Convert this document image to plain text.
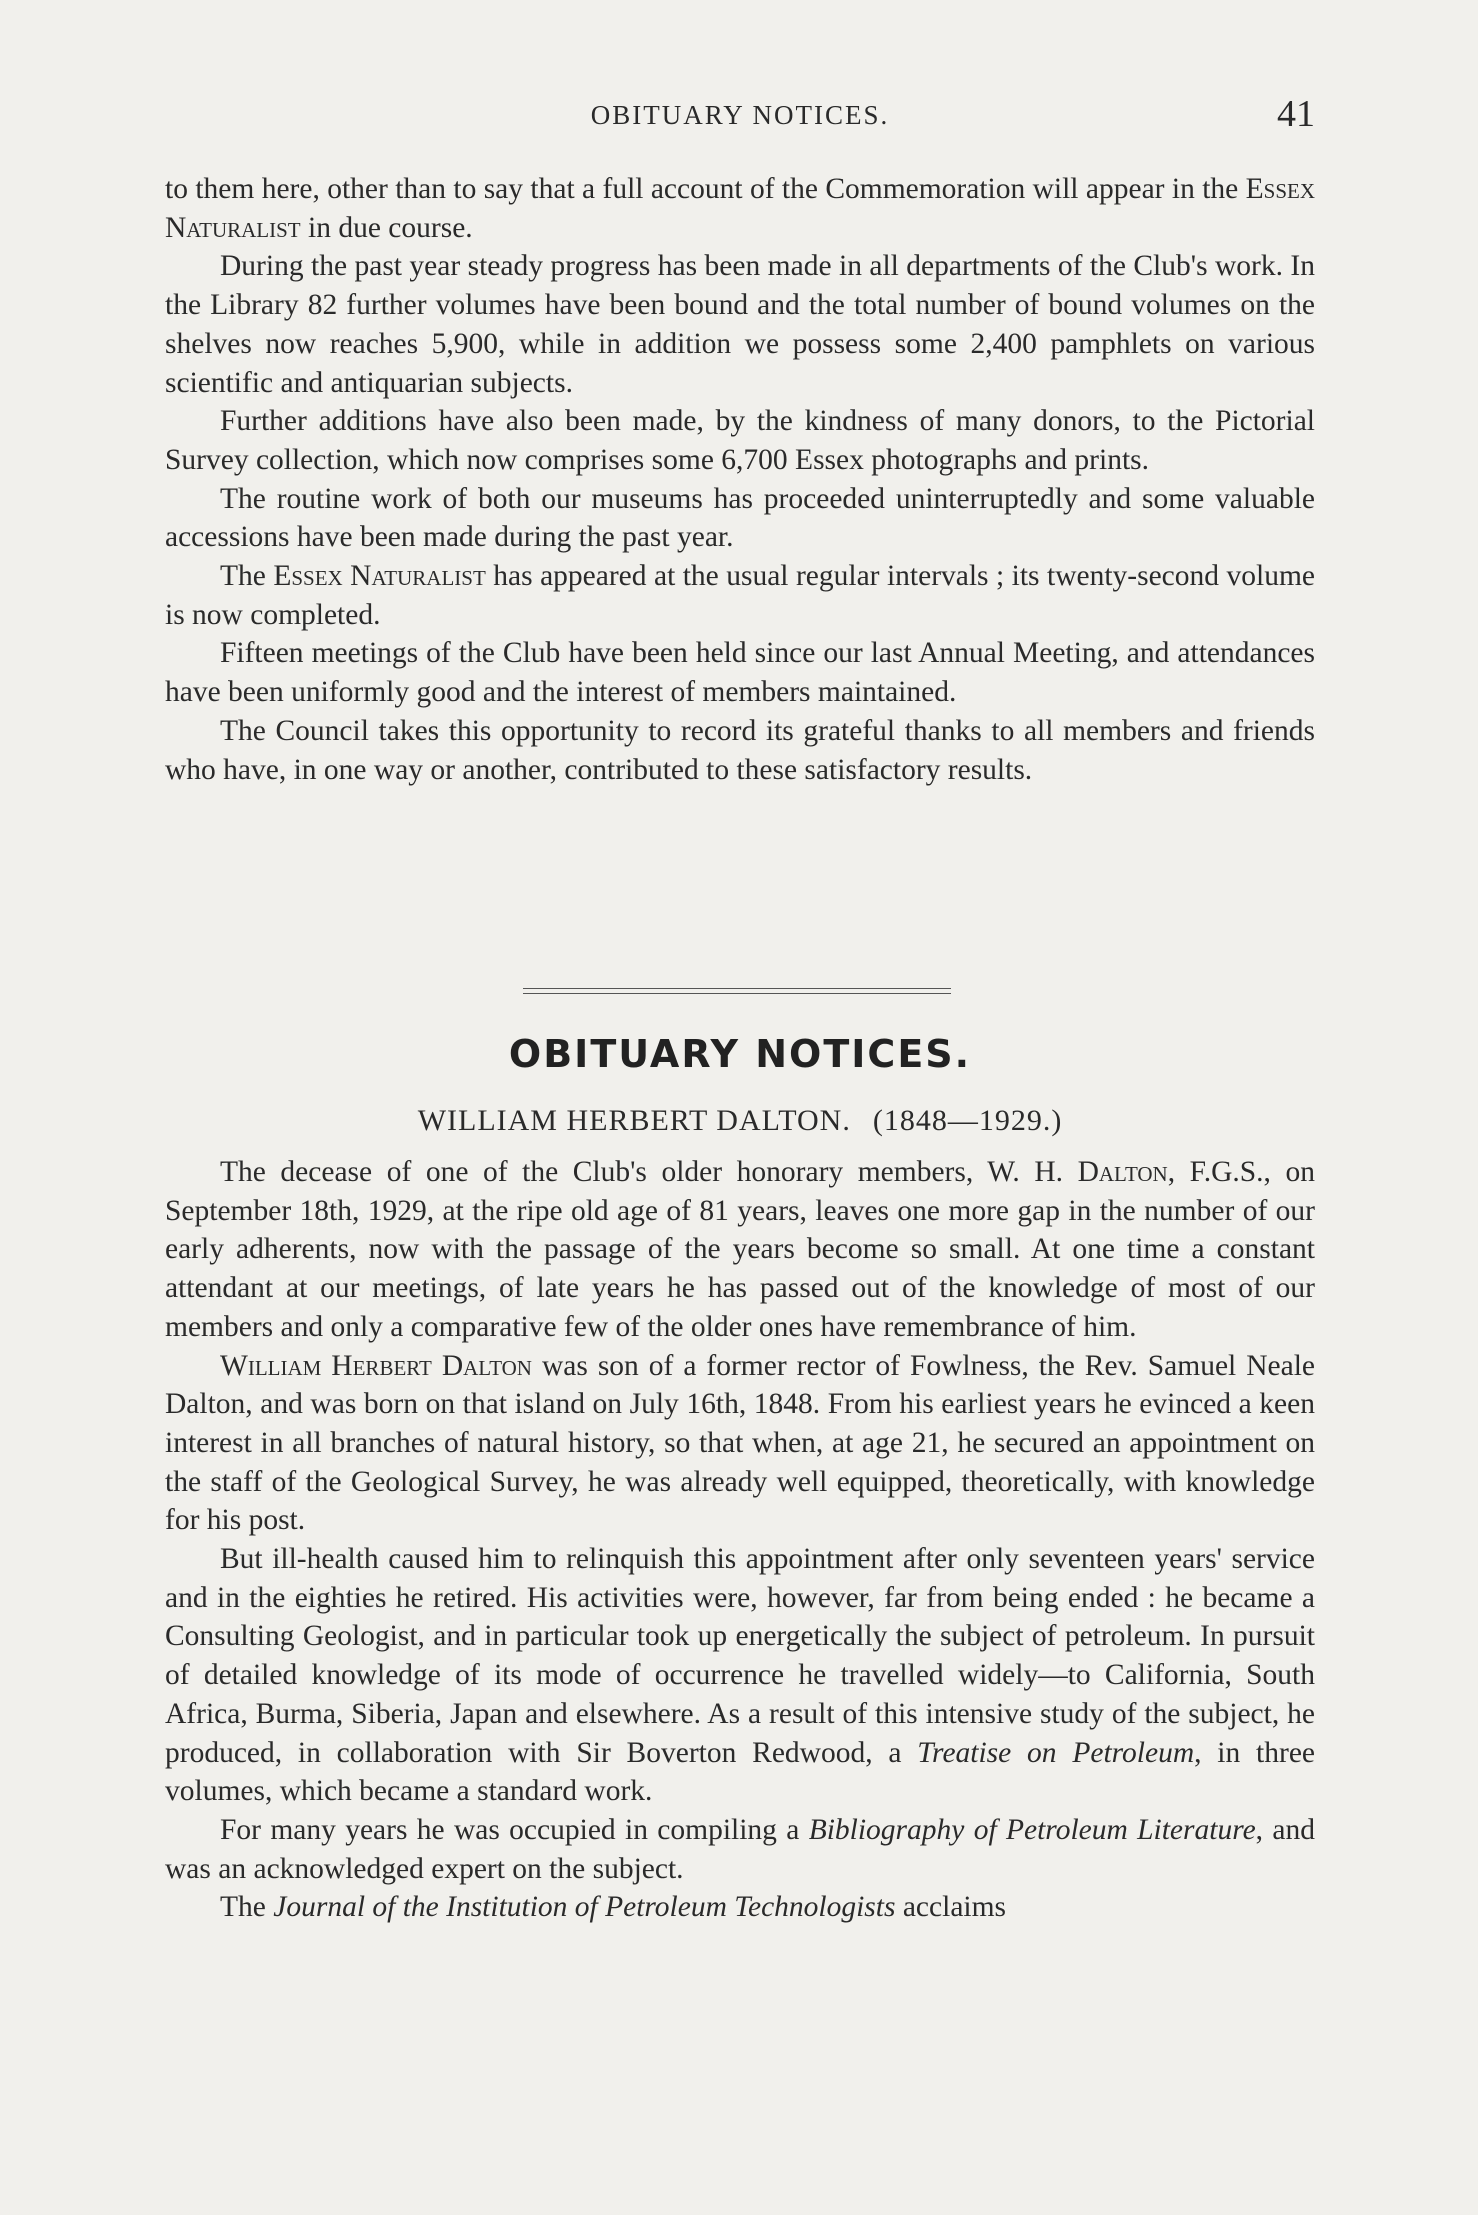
OBITUARY NOTICES.	41

to them here, other than to say that a full account of the Commemoration will appear in the Essex Naturalist in due course.

During the past year steady progress has been made in all departments of the Club's work. In the Library 82 further volumes have been bound and the total number of bound volumes on the shelves now reaches 5,900, while in addition we possess some 2,400 pamphlets on various scientific and antiquarian subjects.

Further additions have also been made, by the kindness of many donors, to the Pictorial Survey collection, which now comprises some 6,700 Essex photographs and prints.

The routine work of both our museums has proceeded uninterruptedly and some valuable accessions have been made during the past year.

The Essex Naturalist has appeared at the usual regular intervals ; its twenty-second volume is now completed.

Fifteen meetings of the Club have been held since our last Annual Meeting, and attendances have been uniformly good and the interest of members maintained.

The Council takes this opportunity to record its grateful thanks to all members and friends who have, in one way or another, contributed to these satisfactory results.

OBITUARY NOTICES.
WILLIAM HERBERT DALTON. (1848—1929.)

The decease of one of the Club's older honorary members, W. H. Dalton, F.G.S., on September 18th, 1929, at the ripe old age of 81 years, leaves one more gap in the number of our early adherents, now with the passage of the years become so small. At one time a constant attendant at our meetings, of late years he has passed out of the knowledge of most of our members and only a comparative few of the older ones have remembrance of him.

William Herbert Dalton was son of a former rector of Fowlness, the Rev. Samuel Neale Dalton, and was born on that island on July 16th, 1848. From his earliest years he evinced a keen interest in all branches of natural history, so that when, at age 21, he secured an appointment on the staff of the Geological Survey, he was already well equipped, theoretically, with knowledge for his post.

But ill-health caused him to relinquish this appointment after only seventeen years' service and in the eighties he retired. His activities were, however, far from being ended : he became a Consulting Geologist, and in particular took up energetically the subject of petroleum. In pursuit of detailed knowledge of its mode of occurrence he travelled widely—to California, South Africa, Burma, Siberia, Japan and elsewhere. As a result of this intensive study of the subject, he produced, in collaboration with Sir Boverton Redwood, a Treatise on Petroleum, in three volumes, which became a standard work.

For many years he was occupied in compiling a Bibliography of Petroleum Literature, and was an acknowledged expert on the subject.

The Journal of the Institution of Petroleum Technologists acclaims
